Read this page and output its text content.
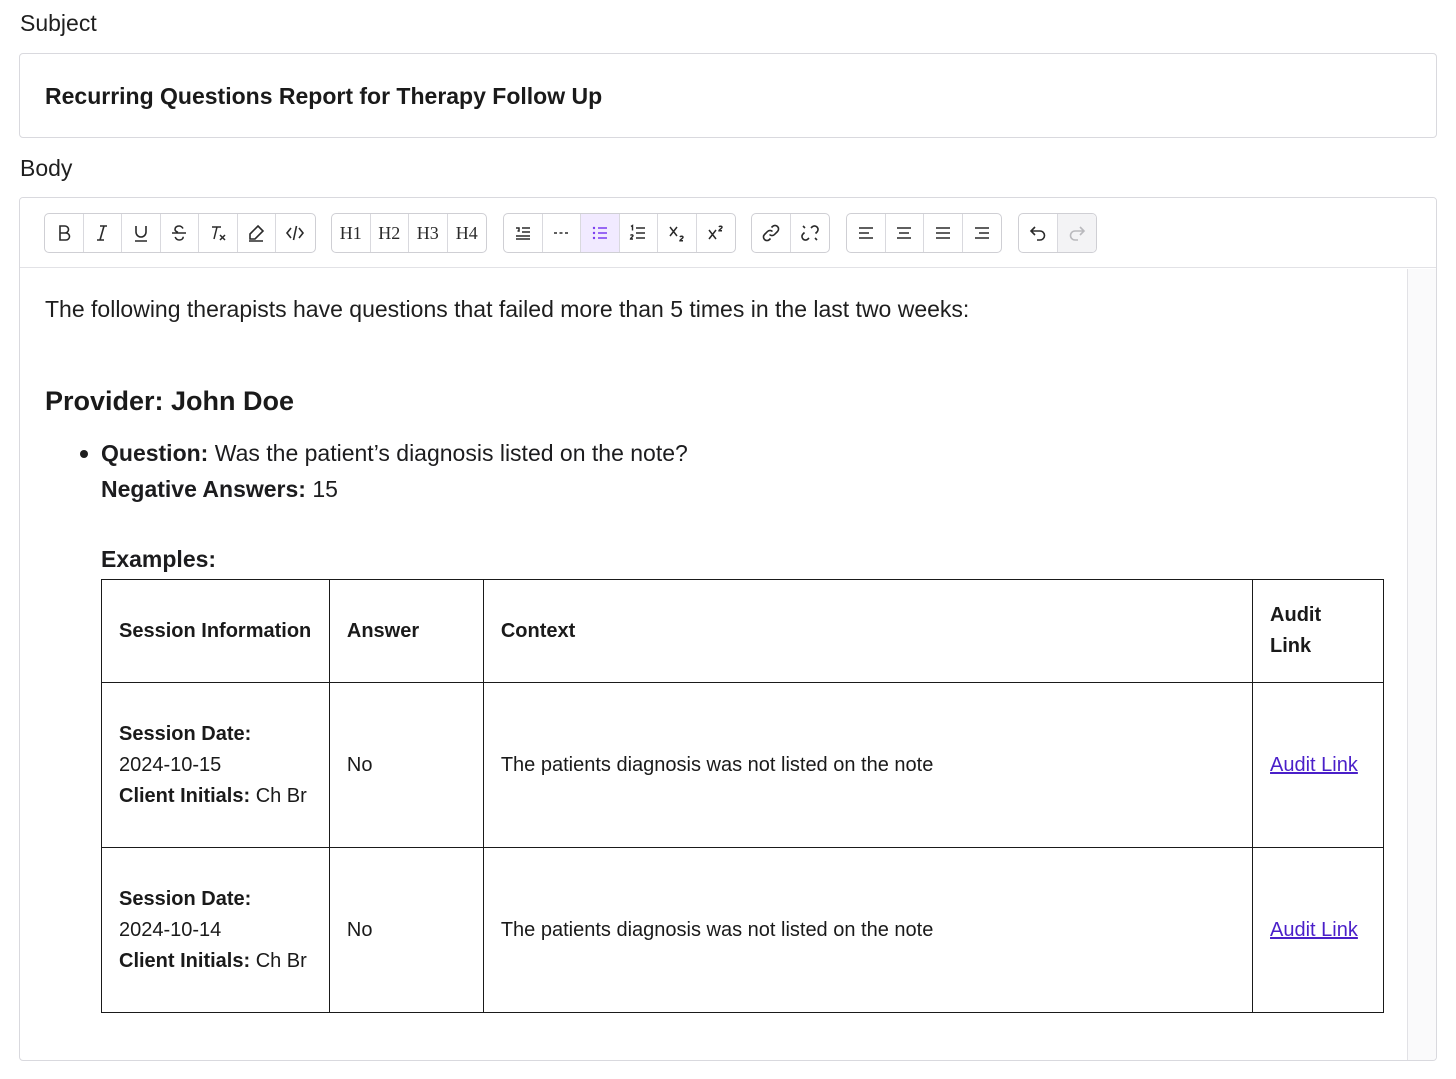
Subject
Recurring Questions Report for Therapy Follow Up
Body
H1 H2 H3 H4
The following therapists have questions that failed more than 5 times in the last two weeks:
Provider: John Doe
Question: Was the patient’s diagnosis listed on the note?
Negative Answers: 15
Examples:
Session Information	Answer	Context	Audit Link
Session Date:
2024-10-15
Client Initials: Ch Br	No	The patients diagnosis was not listed on the note	Audit Link
Session Date:
2024-10-14
Client Initials: Ch Br	No	The patients diagnosis was not listed on the note	Audit Link
